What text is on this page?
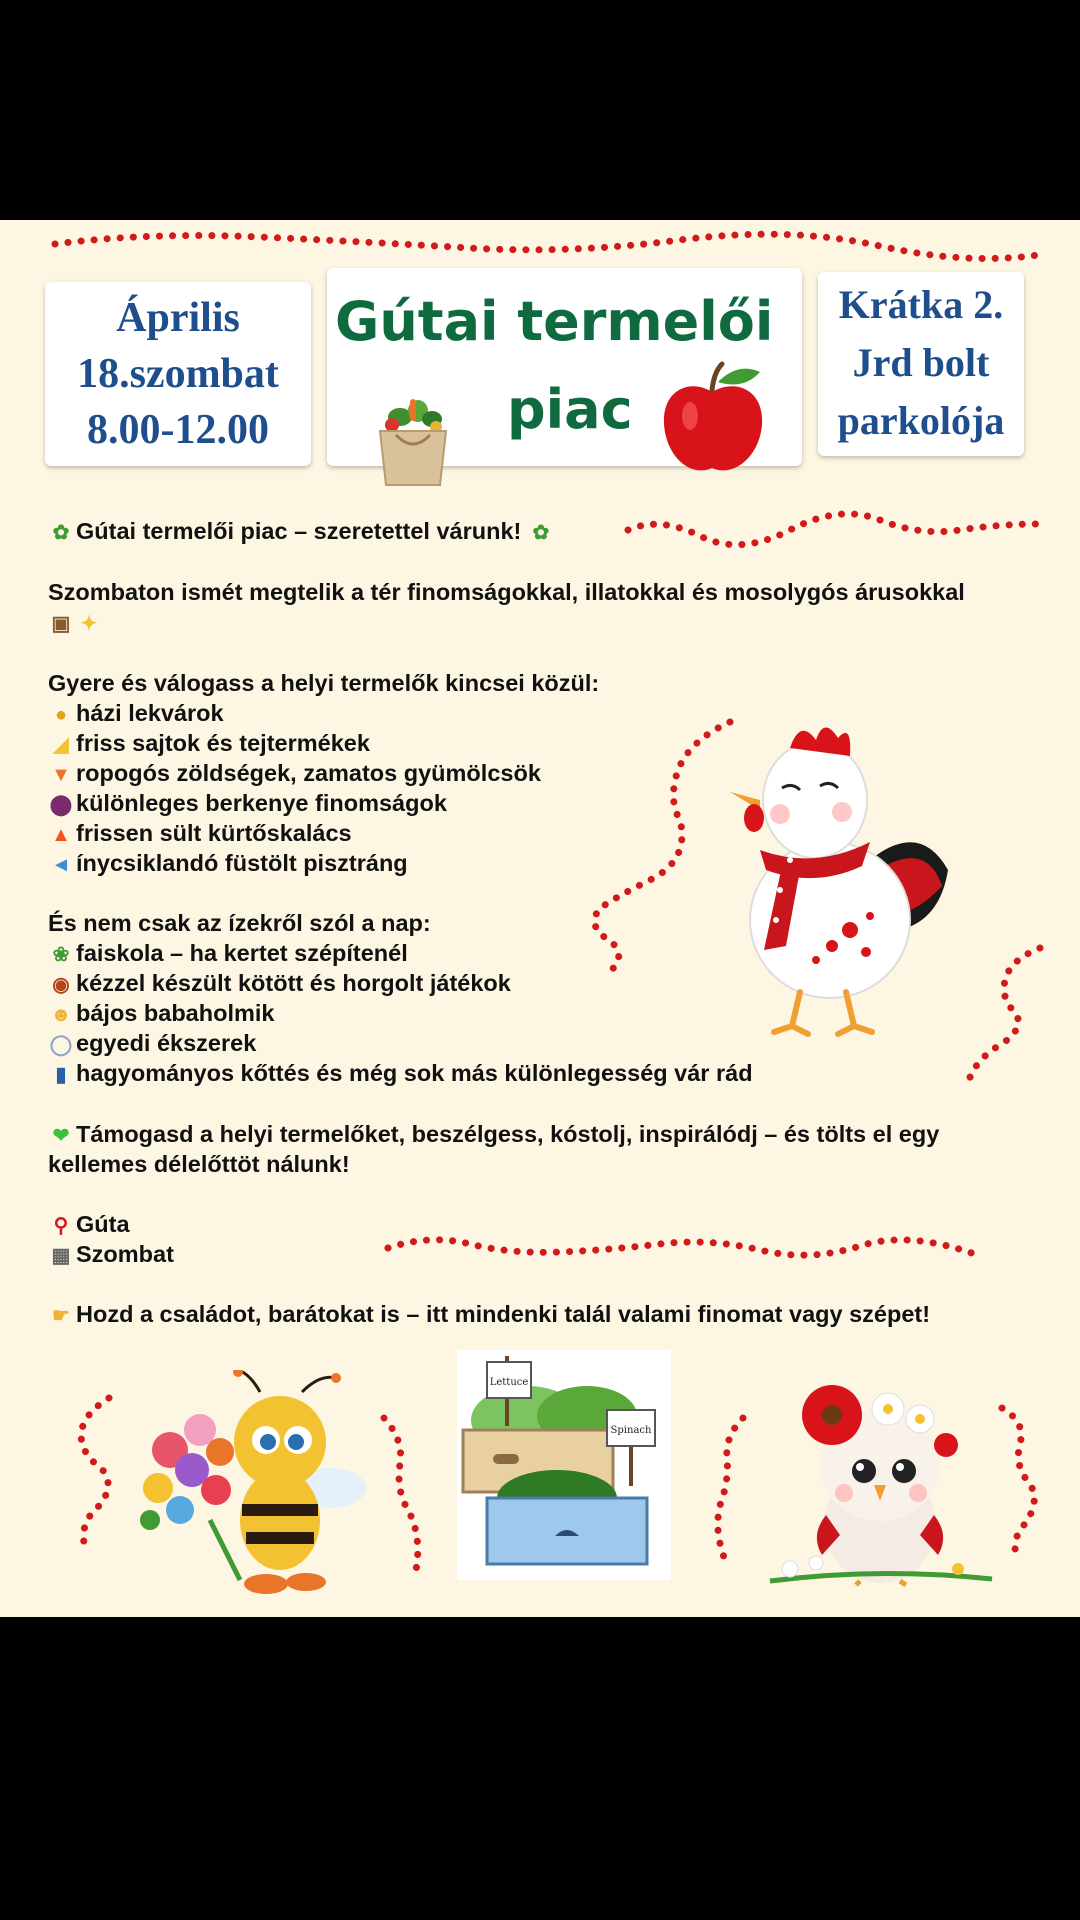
Április
18.szombat
8.00-12.00
Gútai termelői
piac
Krátka 2.
Jrd bolt
parkolója
✿ Gútai termelői piac – szeretettel várunk! ✿
Szombaton ismét megtelik a tér finomságokkal, illatokkal és mosolygós árusokkal
▣ ✦
Gyere és válogass a helyi termelők kincsei közül:
● házi lekvárok
◢ friss sajtok és tejtermékek
▼ ropogós zöldségek, zamatos gyümölcsök
⬤ különleges berkenye finomságok
▲ frissen sült kürtőskalács
◄ ínycsiklandó füstölt pisztráng
És nem csak az ízekről szól a nap:
❀ faiskola – ha kertet szépítenél
◉ kézzel készült kötött és horgolt játékok
☻ bájos babaholmik
◯ egyedi ékszerek
▮ hagyományos kőttés és még sok más különlegesség vár rád
❤ Támogasd a helyi termelőket, beszélgess, kóstolj, inspirálódj – és tölts el egy
kellemes délelőttöt nálunk!
⚲ Gúta
▦ Szombat
☛ Hozd a családot, barátokat is – itt mindenki talál valami finomat vagy szépet!
Lettuce
Spinach
